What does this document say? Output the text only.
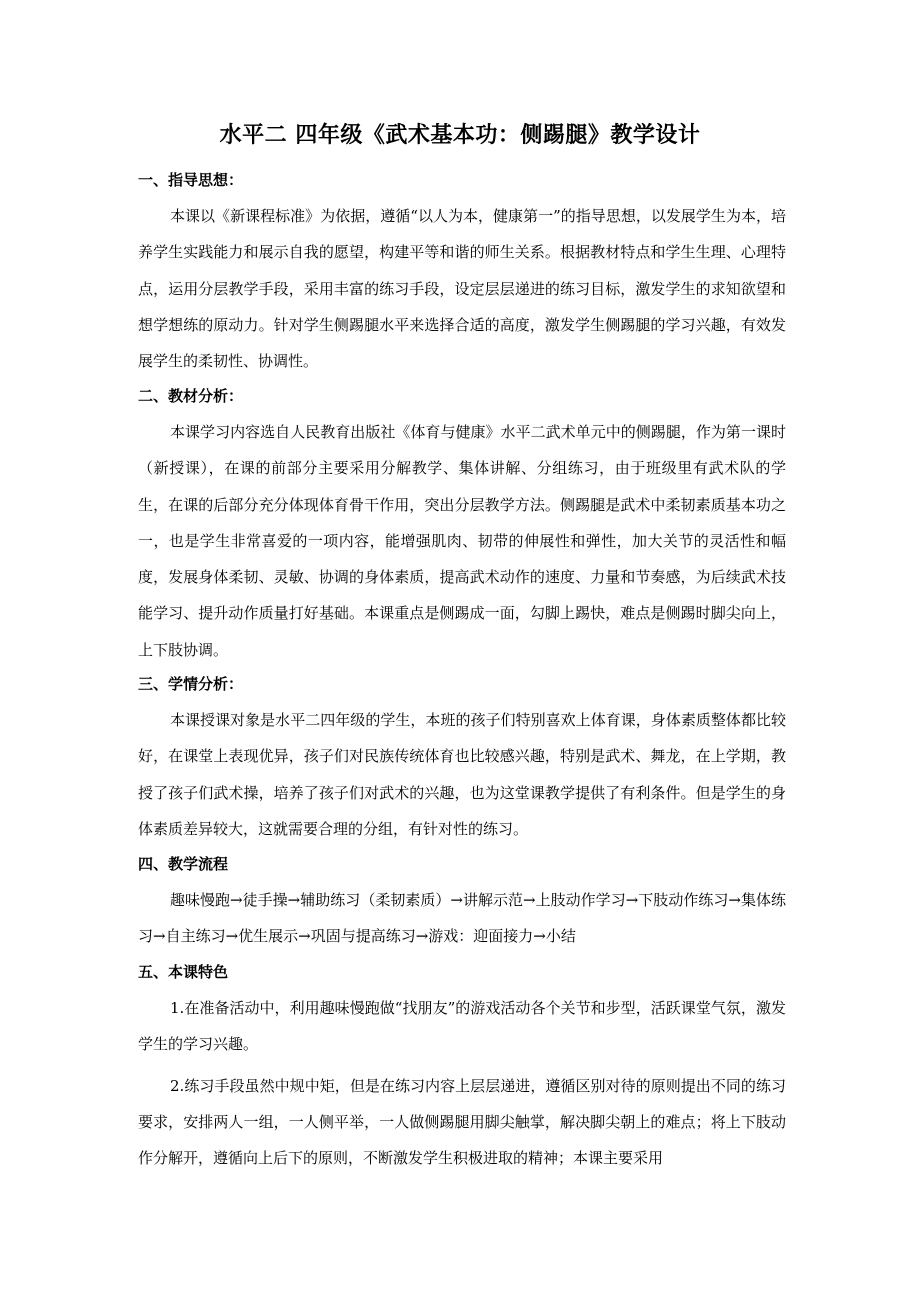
水平二 四年级《武术基本功：侧踢腿》教学设计
一、指导思想：
本课以《新课程标准》为依据，遵循“以人为本，健康第一”的指导思想，以发展学生为本，培养学生实践能力和展示自我的愿望，构建平等和谐的师生关系。根据教材特点和学生生理、心理特点，运用分层教学手段，采用丰富的练习手段，设定层层递进的练习目标，激发学生的求知欲望和想学想练的原动力。针对学生侧踢腿水平来选择合适的高度，激发学生侧踢腿的学习兴趣，有效发展学生的柔韧性、协调性。
二、教材分析：
本课学习内容选自人民教育出版社《体育与健康》水平二武术单元中的侧踢腿，作为第一课时（新授课），在课的前部分主要采用分解教学、集体讲解、分组练习，由于班级里有武术队的学生，在课的后部分充分体现体育骨干作用，突出分层教学方法。侧踢腿是武术中柔韧素质基本功之一，也是学生非常喜爱的一项内容，能增强肌肉、韧带的伸展性和弹性，加大关节的灵活性和幅度，发展身体柔韧、灵敏、协调的身体素质，提高武术动作的速度、力量和节奏感，为后续武术技能学习、提升动作质量打好基础。本课重点是侧踢成一面，勾脚上踢快，难点是侧踢时脚尖向上，上下肢协调。
三、学情分析：
本课授课对象是水平二四年级的学生，本班的孩子们特别喜欢上体育课，身体素质整体都比较好，在课堂上表现优异，孩子们对民族传统体育也比较感兴趣，特别是武术、舞龙，在上学期，教授了孩子们武术操，培养了孩子们对武术的兴趣，也为这堂课教学提供了有利条件。但是学生的身体素质差异较大，这就需要合理的分组，有针对性的练习。
四、教学流程
趣味慢跑→徒手操→辅助练习（柔韧素质）→讲解示范→上肢动作学习→下肢动作练习→集体练习→自主练习→优生展示→巩固与提高练习→游戏：迎面接力→小结
五、本课特色
1.在准备活动中，利用趣味慢跑做“找朋友”的游戏活动各个关节和步型，活跃课堂气氛，激发学生的学习兴趣。
2.练习手段虽然中规中矩，但是在练习内容上层层递进，遵循区别对待的原则提出不同的练习要求，安排两人一组，一人侧平举，一人做侧踢腿用脚尖触掌，解决脚尖朝上的难点；将上下肢动作分解开，遵循向上后下的原则，不断激发学生积极进取的精神；本课主要采用
